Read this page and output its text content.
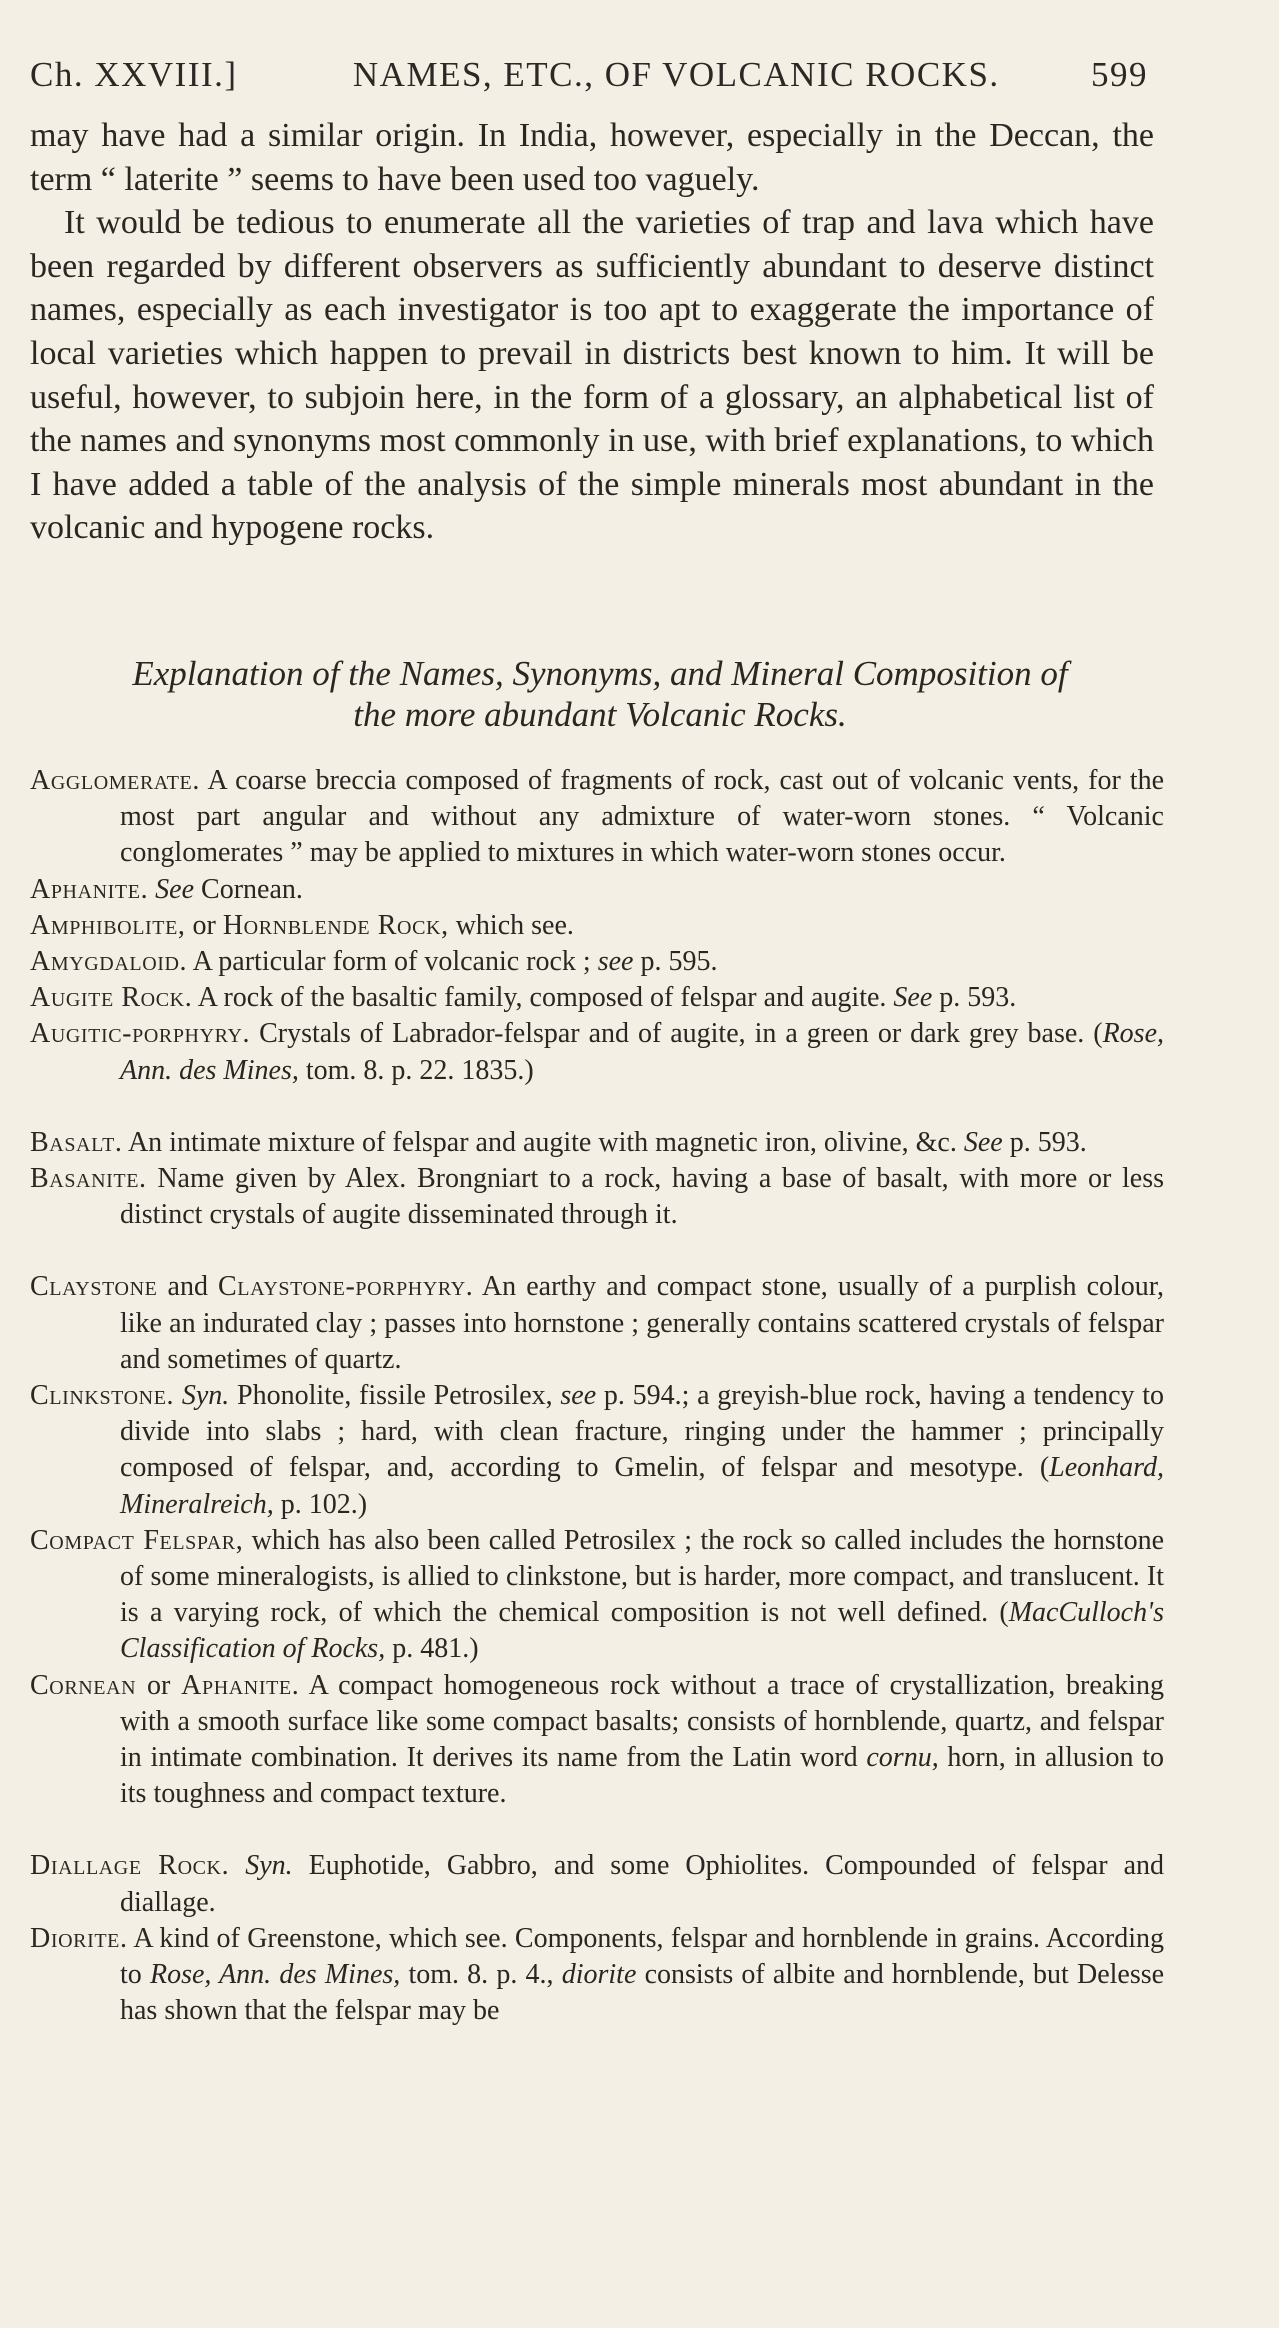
Ch. XXVIII.]	NAMES, ETC., OF VOLCANIC ROCKS.	599

may have had a similar origin. In India, however, especially in the Deccan, the term “ laterite ” seems to have been used too vaguely.

It would be tedious to enumerate all the varieties of trap and lava which have been regarded by different observers as sufficiently abundant to deserve distinct names, especially as each investigator is too apt to exaggerate the importance of local varieties which happen to prevail in districts best known to him. It will be useful, however, to subjoin here, in the form of a glossary, an alphabetical list of the names and synonyms most commonly in use, with brief explanations, to which I have added a table of the analysis of the simple minerals most abundant in the volcanic and hypogene rocks.

Explanation of the Names, Synonyms, and Mineral Composition of
the more abundant Volcanic Rocks.

Agglomerate. A coarse breccia composed of fragments of rock, cast out of volcanic vents, for the most part angular and without any admixture of water-worn stones. “ Volcanic conglomerates ” may be applied to mixtures in which water-worn stones occur.

Aphanite. See Cornean.

Amphibolite, or Hornblende Rock, which see.

Amygdaloid. A particular form of volcanic rock ; see p. 595.

Augite Rock. A rock of the basaltic family, composed of felspar and augite. See p. 593.

Augitic-porphyry. Crystals of Labrador-felspar and of augite, in a green or dark grey base. (Rose, Ann. des Mines, tom. 8. p. 22. 1835.)

Basalt. An intimate mixture of felspar and augite with magnetic iron, olivine, &c. See p. 593.

Basanite. Name given by Alex. Brongniart to a rock, having a base of basalt, with more or less distinct crystals of augite disseminated through it.

Claystone and Claystone-porphyry. An earthy and compact stone, usually of a purplish colour, like an indurated clay ; passes into hornstone ; generally contains scattered crystals of felspar and sometimes of quartz.

Clinkstone. Syn. Phonolite, fissile Petrosilex, see p. 594.; a greyish-blue rock, having a tendency to divide into slabs ; hard, with clean fracture, ringing under the hammer ; principally composed of felspar, and, according to Gmelin, of felspar and mesotype. (Leonhard, Mineralreich, p. 102.)

Compact Felspar, which has also been called Petrosilex ; the rock so called includes the hornstone of some mineralogists, is allied to clinkstone, but is harder, more compact, and translucent. It is a varying rock, of which the chemical composition is not well defined. (MacCulloch's Classification of Rocks, p. 481.)

Cornean or Aphanite. A compact homogeneous rock without a trace of crystallization, breaking with a smooth surface like some compact basalts; consists of hornblende, quartz, and felspar in intimate combination. It derives its name from the Latin word cornu, horn, in allusion to its toughness and compact texture.

Diallage Rock. Syn. Euphotide, Gabbro, and some Ophiolites. Compounded of felspar and diallage.

Diorite. A kind of Greenstone, which see. Components, felspar and hornblende in grains. According to Rose, Ann. des Mines, tom. 8. p. 4., diorite consists of albite and hornblende, but Delesse has shown that the felspar may be
